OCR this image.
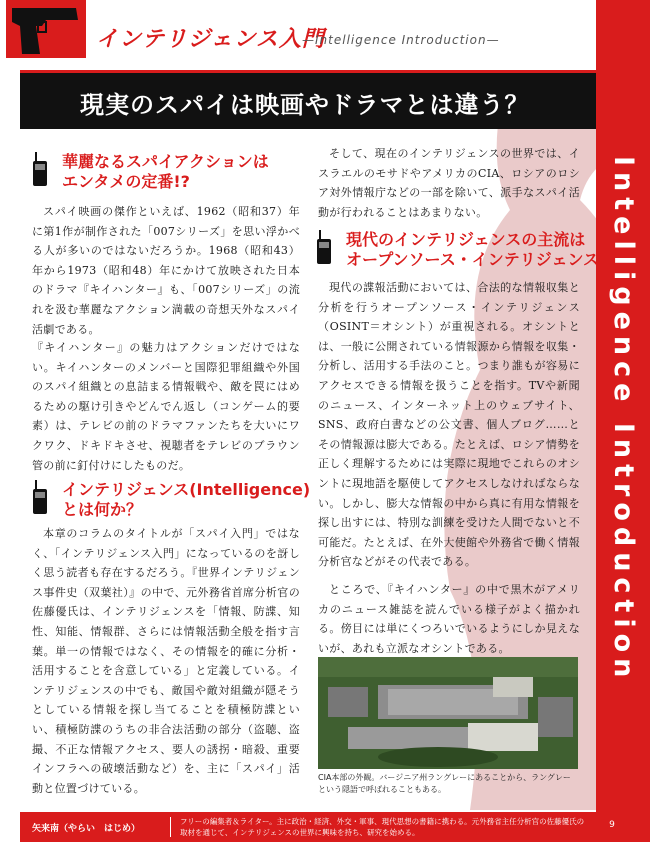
Intelligence Introduction
インテリジェンス入門
—Intelligence Introduction—
現実のスパイは映画やドラマとは違う？
華麗なるスパイアクションは
エンタメの定番!?

スパイ映画の傑作といえば、1962（昭和37）年に第1作が制作された「007シリーズ」を思い浮かべる人が多いのではないだろうか。1968（昭和43）年から1973（昭和48）年にかけて放映された日本のドラマ『キイハンター』も、「007シリーズ」の流れを汲む華麗なアクション満載の奇想天外なスパイ活劇である。

『キイハンター』の魅力はアクションだけではない。キイハンターのメンバーと国際犯罪組織や外国のスパイ組織との息詰まる情報戦や、敵を罠にはめるための駆け引きやどんでん返し（コンゲーム的要素）は、テレビの前のドラマファンたちを大いにワクワク、ドキドキさせ、視聴者をテレビのブラウン管の前に釘付けにしたものだ。

インテリジェンス(Intelligence)
とは何か？

本章のコラムのタイトルが「スパイ入門」ではなく、「インテリジェンス入門」になっているのを訝しく思う読者も存在するだろう。『世界インテリジェンス事件史（双葉社）』の中で、元外務省首席分析官の佐藤優氏は、インテリジェンスを「情報、防諜、知性、知能、情報群、さらには情報活動全般を指す言葉。単一の情報ではなく、その情報を的確に分析・活用することを含意している」と定義している。インテリジェンスの中でも、敵国や敵対組織が隠そうとしている情報を探し当てることを積極防諜といい、積極防諜のうちの非合法活動の部分（盗聴、盗撮、不正な情報アクセス、要人の誘拐・暗殺、重要インフラへの破壊活動など）を、主に「スパイ」活動と位置づけている。

そして、現在のインテリジェンスの世界では、イスラエルのモサドやアメリカのCIA、ロシアのロシア対外情報庁などの一部を除いて、派手なスパイ活動が行われることはあまりない。

現代のインテリジェンスの主流は
オープンソース・インテリジェンス

現代の諜報活動においては、合法的な情報収集と分析を行うオープンソース・インテリジェンス（OSINT＝オシント）が重視される。オシントとは、一般に公開されている情報源から情報を収集・分析し、活用する手法のこと。つまり誰もが容易にアクセスできる情報を扱うことを指す。TVや新聞のニュース、インターネット上のウェブサイト、SNS、政府白書などの公文書、個人ブログ……とその情報源は膨大である。たとえば、ロシア情勢を正しく理解するためには実際に現地でこれらのオシントに現地語を駆使してアクセスしなければならない。しかし、膨大な情報の中から真に有用な情報を探し出すには、特別な訓練を受けた人間でないと不可能だ。たとえば、在外大使館や外務省で働く情報分析官などがその代表である。

ところで、『キイハンター』の中で黒木がアメリカのニュース雑誌を読んでいる様子がよく描かれる。傍目には単にくつろいでいるようにしか見えないが、あれも立派なオシントである。

CIA本部の外観。バージニア州ラングレーにあることから、ラングレーという隠語で呼ばれることもある。
矢来南（やらい　はじめ）
フリーの編集者＆ライター。主に政治・経済、外交・軍事、現代思想の書籍に携わる。元外務省主任分析官の佐藤優氏の取材を通じて、インテリジェンスの世界に興味を持ち、研究を始める。
9
